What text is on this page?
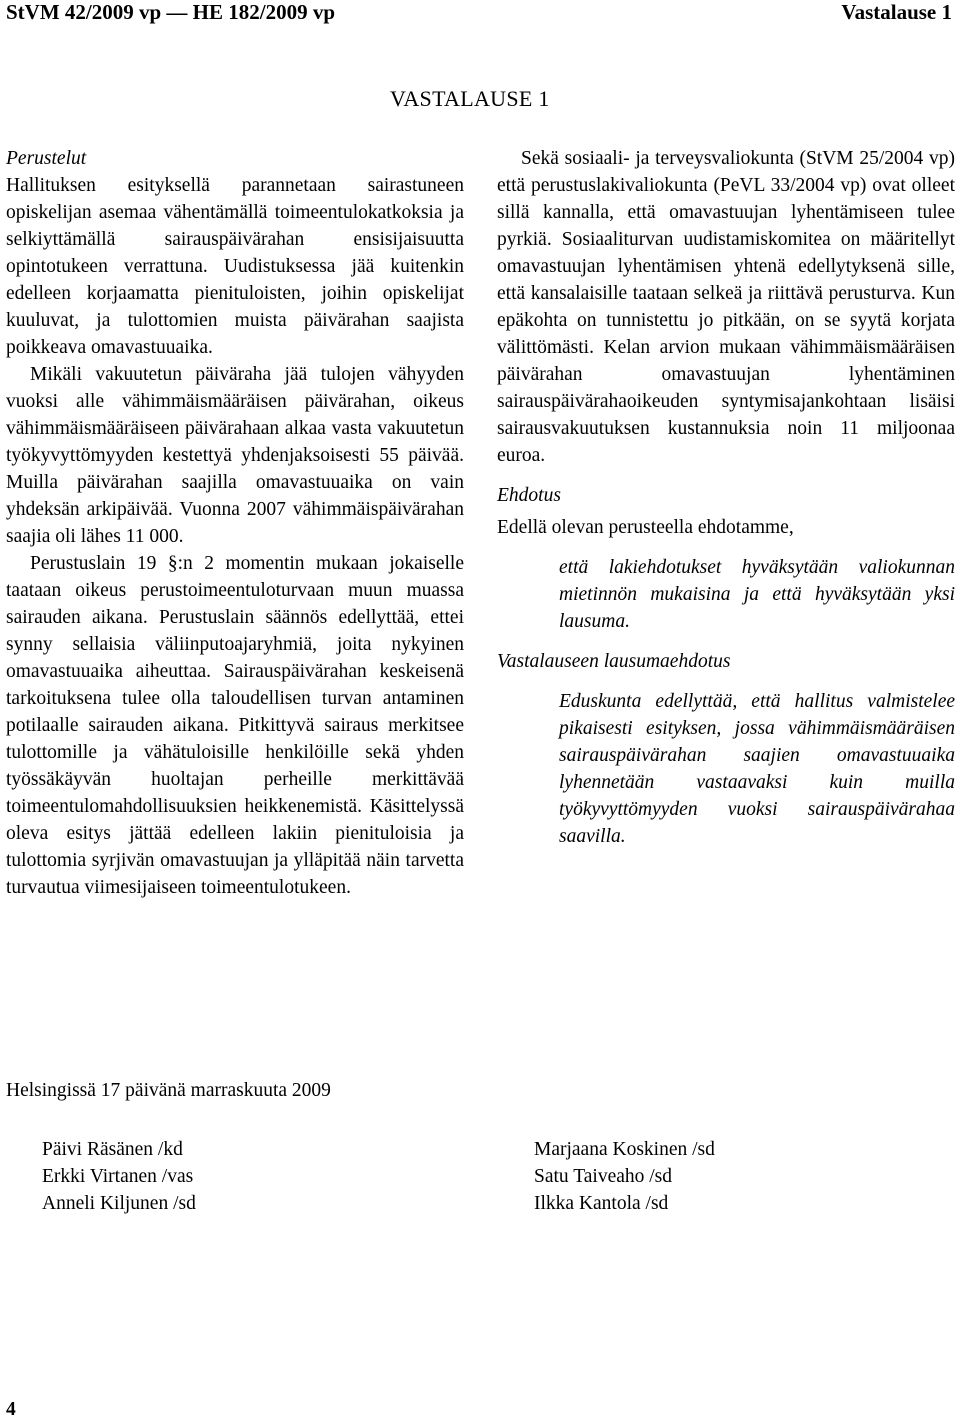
StVM 42/2009 vp — HE 182/2009 vp	Vastalause 1
VASTALAUSE 1

Perustelut

Hallituksen esityksellä parannetaan sairastuneen opiskelijan asemaa vähentämällä toimeentulokatkoksia ja selkiyttämällä sairauspäivärahan ensisijaisuutta opintotukeen verrattuna. Uudistuksessa jää kuitenkin edelleen korjaamatta pienituloisten, joihin opiskelijat kuuluvat, ja tulottomien muista päivärahan saajista poikkeava omavastuuaika.

Mikäli vakuutetun päiväraha jää tulojen vähyyden vuoksi alle vähimmäismääräisen päivärahan, oikeus vähimmäismääräiseen päivärahaan alkaa vasta vakuutetun työkyvyttömyyden kestettyä yhdenjaksoisesti 55 päivää. Muilla päivärahan saajilla omavastuuaika on vain yhdeksän arkipäivää. Vuonna 2007 vähimmäispäivärahan saajia oli lähes 11 000.

Perustuslain 19 §:n 2 momentin mukaan jokaiselle taataan oikeus perustoimeentuloturvaan muun muassa sairauden aikana. Perustuslain säännös edellyttää, ettei synny sellaisia väliinputoajaryhmiä, joita nykyinen omavastuuaika aiheuttaa. Sairauspäivärahan keskeisenä tarkoituksena tulee olla taloudellisen turvan antaminen potilaalle sairauden aikana. Pitkittyvä sairaus merkitsee tulottomille ja vähätuloisille henkilöille sekä yhden työssäkäyvän huoltajan perheille merkittävää toimeentulomahdollisuuksien heikkenemistä. Käsittelyssä oleva esitys jättää edelleen lakiin pienituloisia ja tulottomia syrjivän omavastuujan ja ylläpitää näin tarvetta turvautua viimesijaiseen toimeentulotukeen.

Sekä sosiaali- ja terveysvaliokunta (StVM 25/2004 vp) että perustuslakivaliokunta (PeVL 33/2004 vp) ovat olleet sillä kannalla, että omavastuujan lyhentämiseen tulee pyrkiä. Sosiaaliturvan uudistamiskomitea on määritellyt omavastuujan lyhentämisen yhtenä edellytyksenä sille, että kansalaisille taataan selkeä ja riittävä perusturva. Kun epäkohta on tunnistettu jo pitkään, on se syytä korjata välittömästi. Kelan arvion mukaan vähimmäismääräisen päivärahan omavastuujan lyhentäminen sairauspäivärahaoikeuden syntymisajankohtaan lisäisi sairausvakuutuksen kustannuksia noin 11 miljoonaa euroa.

Ehdotus

Edellä olevan perusteella ehdotamme,

että lakiehdotukset hyväksytään valiokunnan mietinnön mukaisina ja että hyväksytään yksi lausuma.

Vastalauseen lausumaehdotus

Eduskunta edellyttää, että hallitus valmistelee pikaisesti esityksen, jossa vähimmäismääräisen sairauspäivärahan saajien omavastuuaika lyhennetään vastaavaksi kuin muilla työkyvyttömyyden vuoksi sairauspäivärahaa saavilla.

Helsingissä 17 päivänä marraskuuta 2009
Päivi Räsänen /kd
Erkki Virtanen /vas
Anneli Kiljunen /sd
Marjaana Koskinen /sd
Satu Taiveaho /sd
Ilkka Kantola /sd
4
